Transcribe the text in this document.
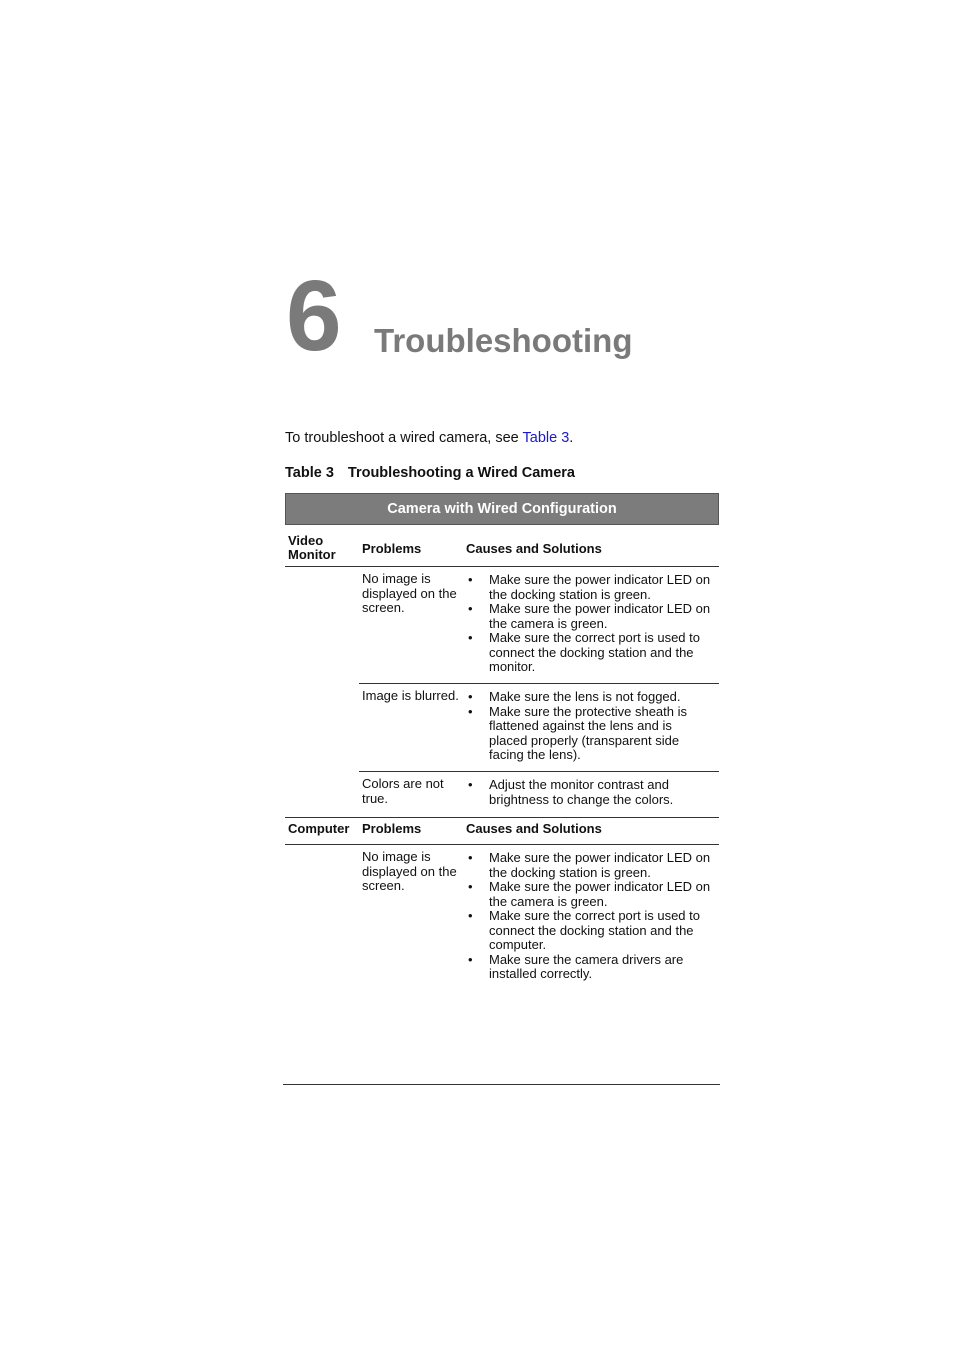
6 Troubleshooting
To troubleshoot a wired camera, see Table 3.
Table 3 Troubleshooting a Wired Camera
Camera with Wired Configuration
Video Monitor	Problems	Causes and Solutions
No image is displayed on the screen.
• Make sure the power indicator LED on the docking station is green.
• Make sure the power indicator LED on the camera is green.
• Make sure the correct port is used to connect the docking station and the monitor.
Image is blurred.
•	Make sure the lens is not fogged.
• Make sure the protective sheath is flattened against the lens and is placed properly (transparent side facing the lens).
Colors are not true.
• Adjust the monitor contrast and brightness to change the colors.
Computer Problems	Causes and Solutions
No image is displayed on the screen.
• Make sure the power indicator LED on the docking station is green.
• Make sure the power indicator LED on the camera is green.
• Make sure the correct port is used to connect the docking station and the computer.
• Make sure the camera drivers are installed correctly.
